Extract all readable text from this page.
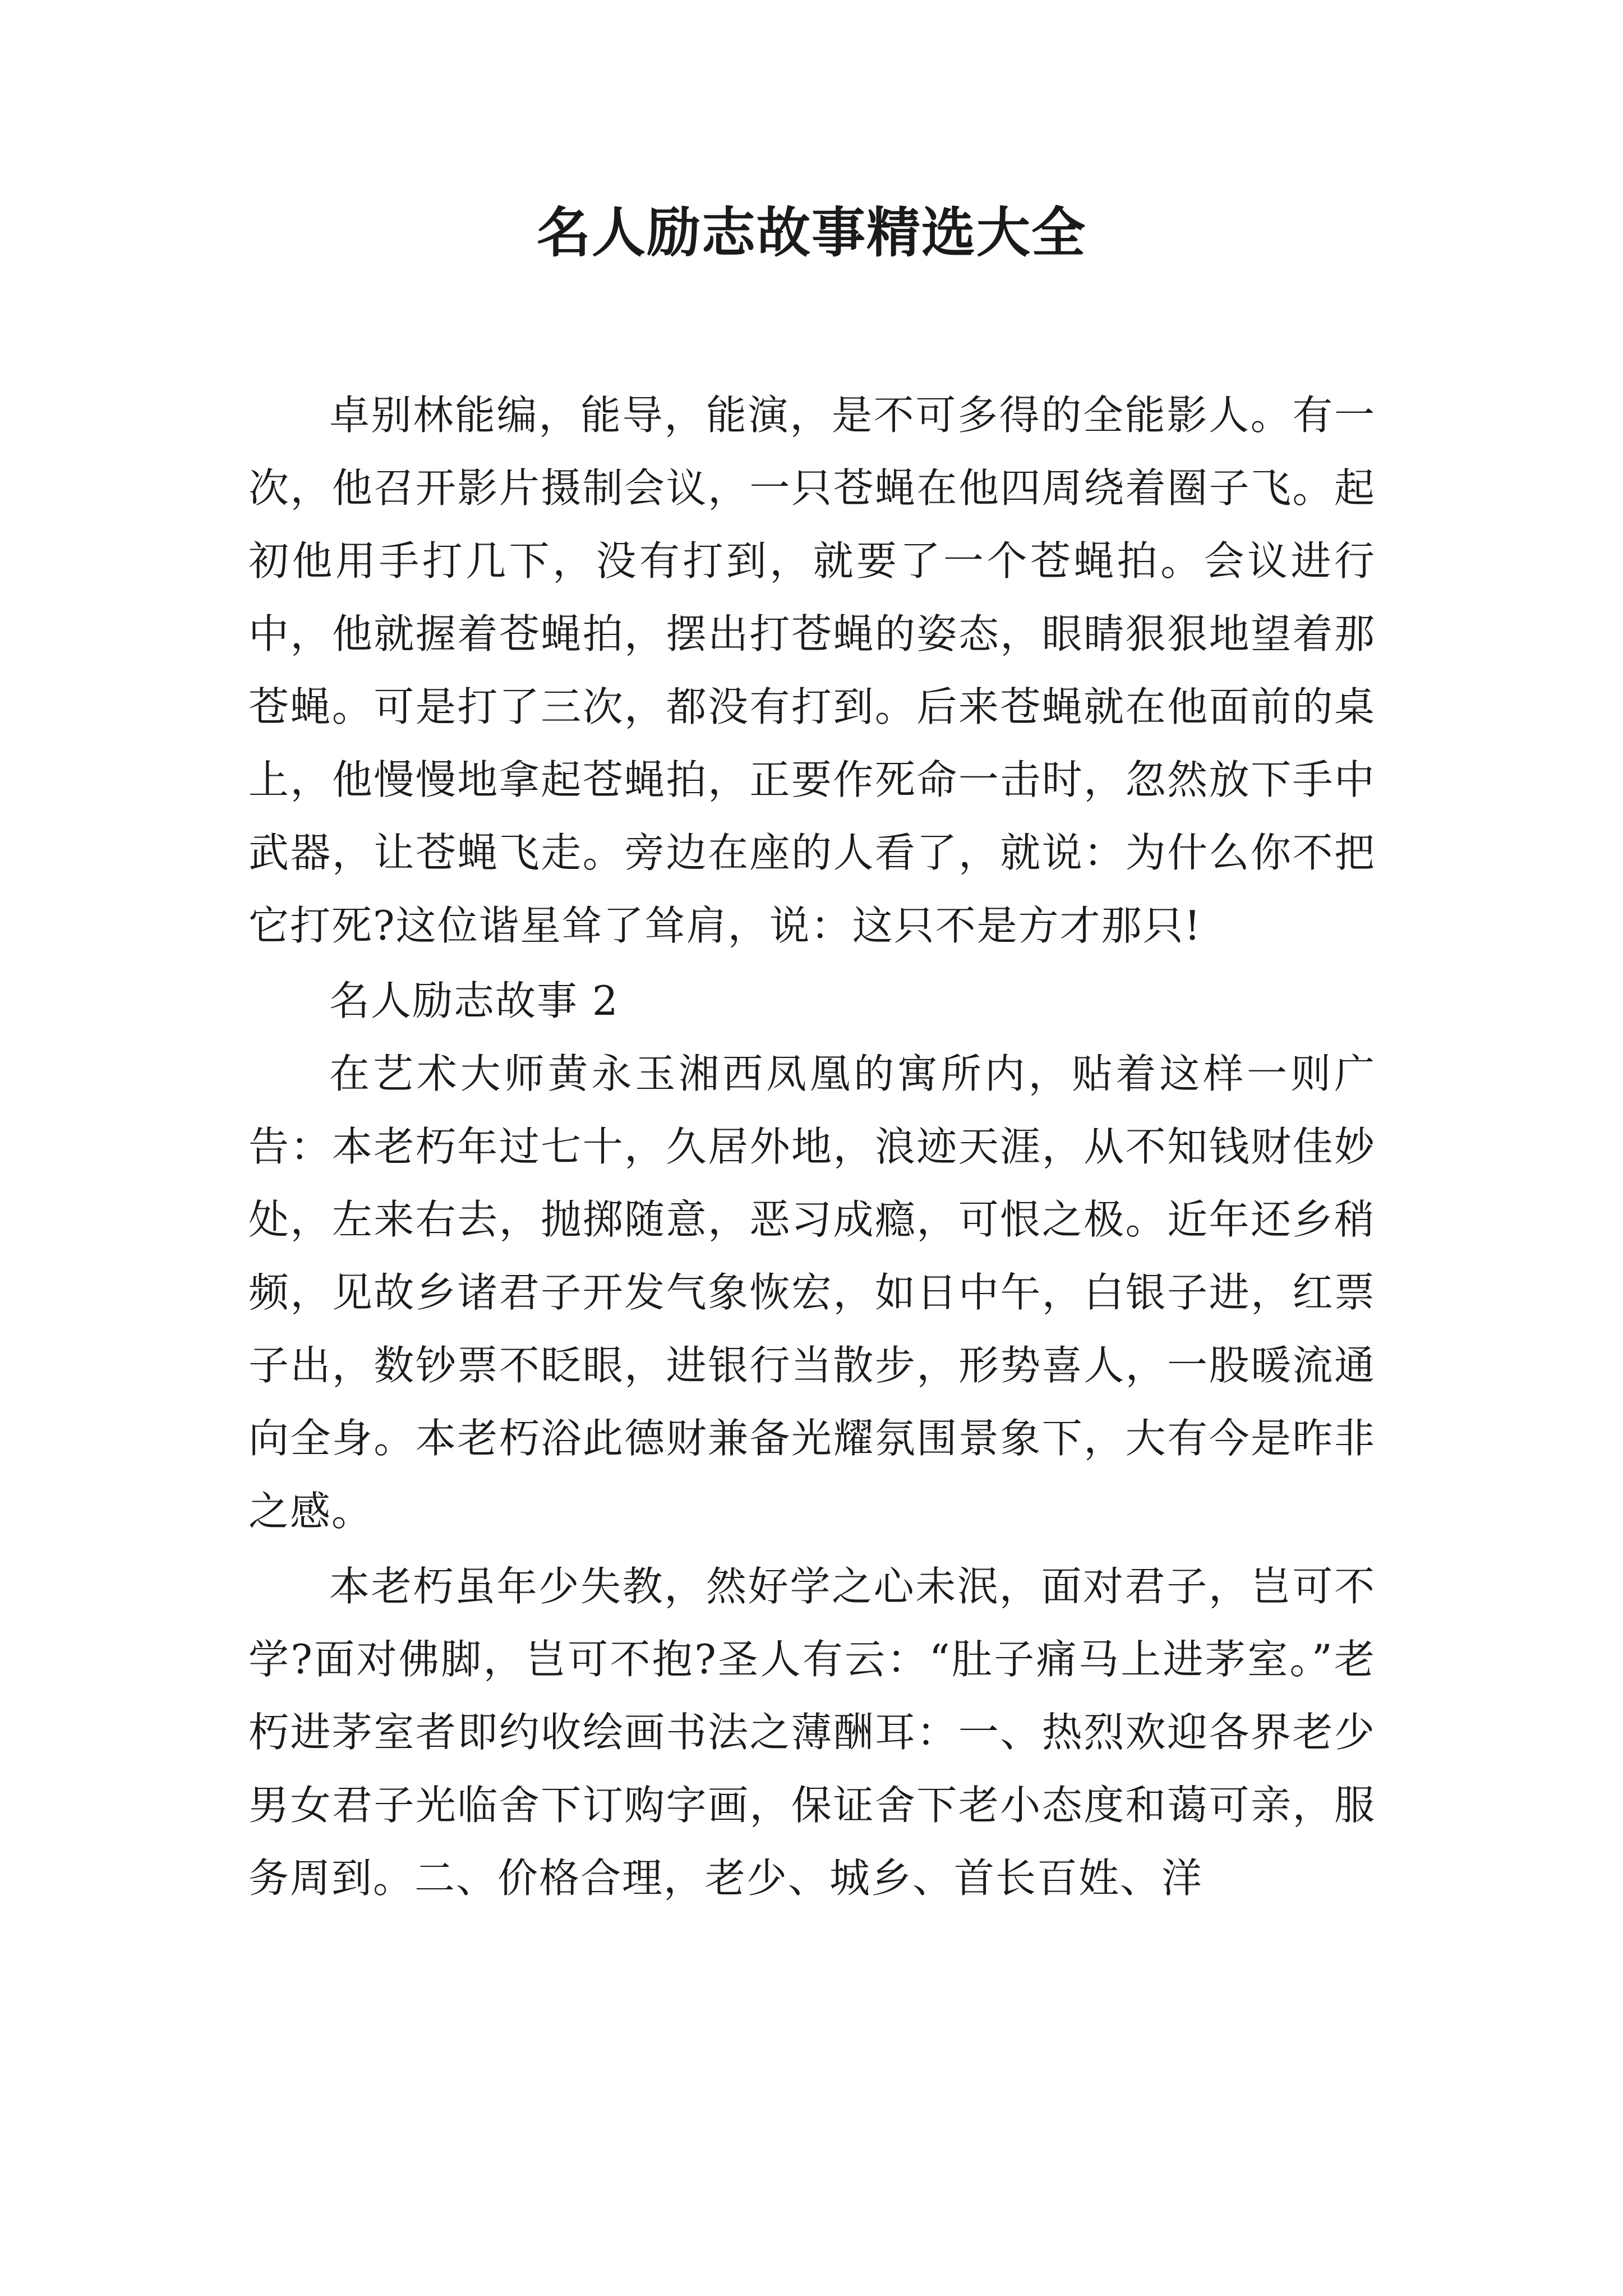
名人励志故事精选大全

卓别林能编，能导，能演，是不可多得的全能影人。有一次，他召开影片摄制会议，一只苍蝇在他四周绕着圈子飞。起初他用手打几下，没有打到，就要了一个苍蝇拍。会议进行中，他就握着苍蝇拍，摆出打苍蝇的姿态，眼睛狠狠地望着那苍蝇。可是打了三次，都没有打到。后来苍蝇就在他面前的桌上，他慢慢地拿起苍蝇拍，正要作死命一击时，忽然放下手中武器，让苍蝇飞走。旁边在座的人看了，就说：为什么你不把它打死?这位谐星耸了耸肩，说：这只不是方才那只!

名人励志故事 2

在艺术大师黄永玉湘西凤凰的寓所内，贴着这样一则广告：本老朽年过七十，久居外地，浪迹天涯，从不知钱财佳妙处，左来右去，抛掷随意，恶习成瘾，可恨之极。近年还乡稍频，见故乡诸君子开发气象恢宏，如日中午，白银子进，红票子出，数钞票不眨眼，进银行当散步，形势喜人，一股暖流通向全身。本老朽浴此德财兼备光耀氛围景象下，大有今是昨非之感。

本老朽虽年少失教，然好学之心未泯，面对君子，岂可不学?面对佛脚，岂可不抱?圣人有云：“肚子痛马上进茅室。”老朽进茅室者即约收绘画书法之薄酬耳：一、热烈欢迎各界老少男女君子光临舍下订购字画，保证舍下老小态度和蔼可亲，服务周到。二、价格合理，老少、城乡、首长百姓、洋
